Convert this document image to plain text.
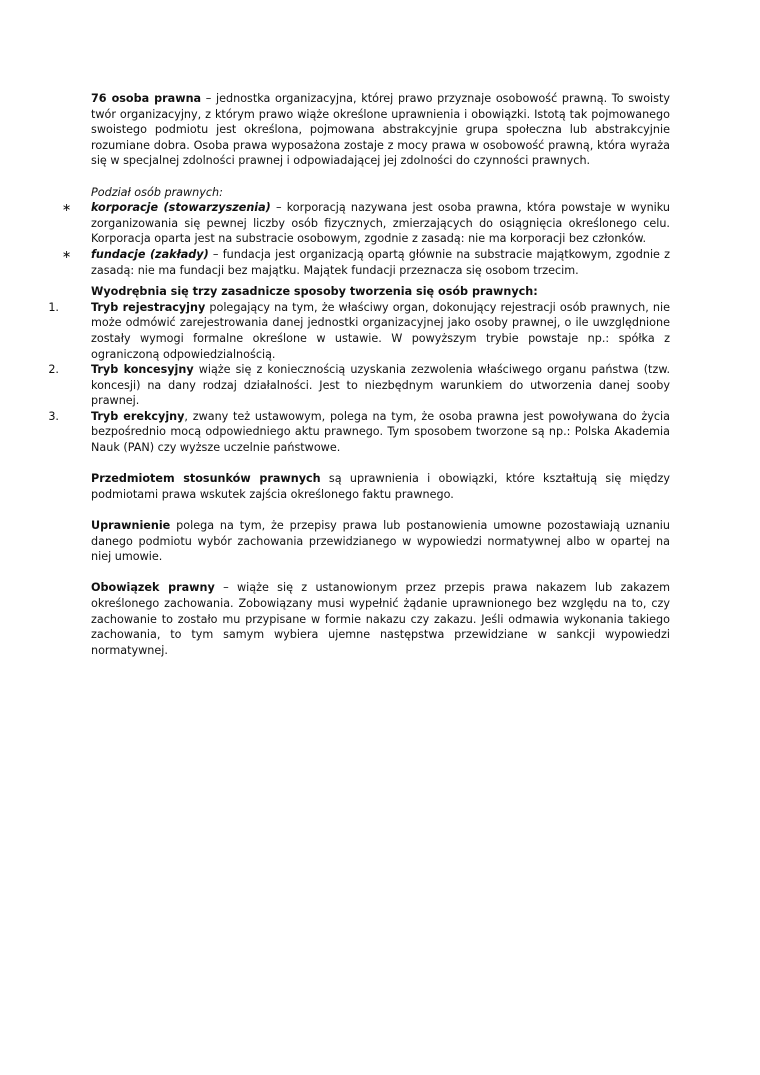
76 osoba prawna – jednostka organizacyjna, której prawo przyznaje osobowość prawną. To swoisty twór organizacyjny, z którym prawo wiąże określone uprawnienia i obowiązki. Istotą tak pojmowanego swoistego podmiotu jest określona, pojmowana abstrakcyjnie grupa społeczna lub abstrakcyjnie rozumiane dobra. Osoba prawa wyposażona zostaje z mocy prawa w osobowość prawną, która wyraża się w specjalnej zdolności prawnej i odpowiadającej jej zdolności do czynności prawnych.

Podział osób prawnych:

∗ korporacje (stowarzyszenia) – korporacją nazywana jest osoba prawna, która powstaje w wyniku zorganizowania się pewnej liczby osób fizycznych, zmierzających do osiągnięcia określonego celu. Korporacja oparta jest na substracie osobowym, zgodnie z zasadą: nie ma korporacji bez członków.
∗ fundacje (zakłady) – fundacja jest organizacją opartą głównie na substracie majątkowym, zgodnie z zasadą: nie ma fundacji bez majątku. Majątek fundacji przeznacza się osobom trzecim.

Wyodrębnia się trzy zasadnicze sposoby tworzenia się osób prawnych:

1.	Tryb rejestracyjny polegający na tym, że właściwy organ, dokonujący rejestracji osób prawnych, nie może odmówić zarejestrowania danej jednostki organizacyjnej jako osoby prawnej, o ile uwzględnione zostały wymogi formalne określone w ustawie. W powyższym trybie powstaje np.: spółka z ograniczoną odpowiedzialnością.
2.	Tryb koncesyjny wiąże się z koniecznością uzyskania zezwolenia właściwego organu państwa (tzw. koncesji) na dany rodzaj działalności. Jest to niezbędnym warunkiem do utworzenia danej sooby prawnej.
3.	Tryb erekcyjny, zwany też ustawowym, polega na tym, że osoba prawna jest powoływana do życia bezpośrednio mocą odpowiedniego aktu prawnego. Tym sposobem tworzone są np.: Polska Akademia Nauk (PAN) czy wyższe uczelnie państwowe.

Przedmiotem stosunków prawnych są uprawnienia i obowiązki, które kształtują się między podmiotami prawa wskutek zajścia określonego faktu prawnego.

Uprawnienie polega na tym, że przepisy prawa lub postanowienia umowne pozostawiają uznaniu danego podmiotu wybór zachowania przewidzianego w wypowiedzi normatywnej albo w opartej na niej umowie.

Obowiązek prawny – wiąże się z ustanowionym przez przepis prawa nakazem lub zakazem określonego zachowania. Zobowiązany musi wypełnić żądanie uprawnionego bez względu na to, czy zachowanie to zostało mu przypisane w formie nakazu czy zakazu. Jeśli odmawia wykonania takiego zachowania, to tym samym wybiera ujemne następstwa przewidziane w sankcji wypowiedzi normatywnej.
